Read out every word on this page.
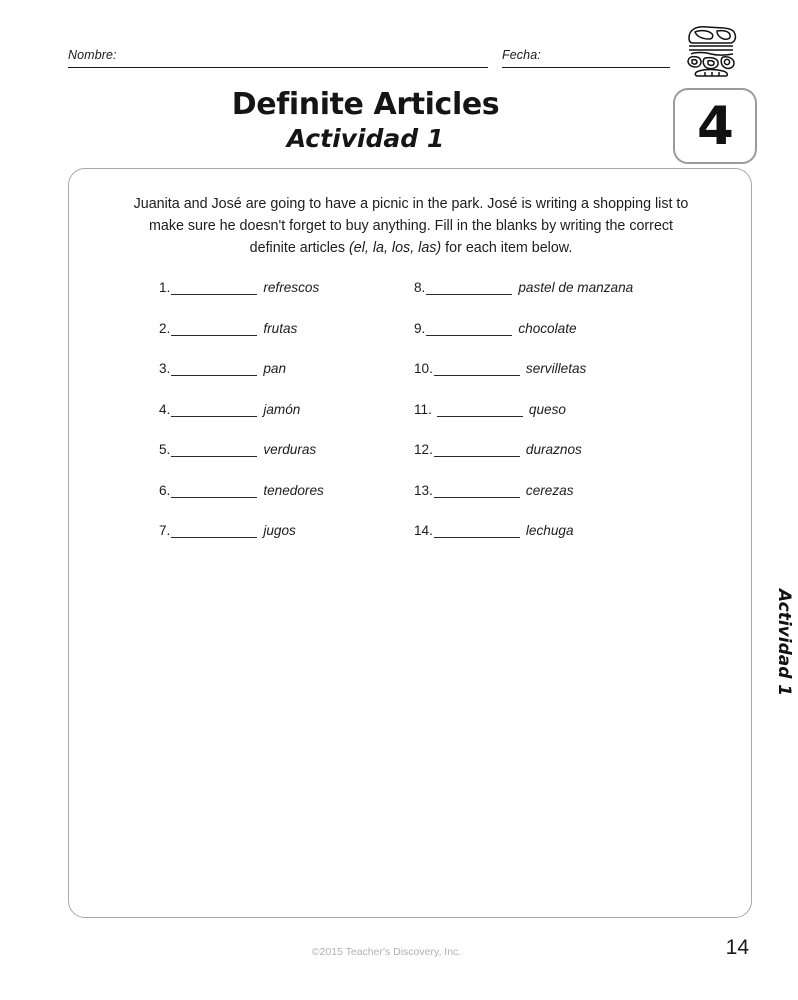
Nombre:	Fecha:
4
Definite Articles
Actividad 1

Juanita and José are going to have a picnic in the park. José is writing a shopping list to make sure he doesn't forget to buy anything. Fill in the blanks by writing the correct definite articles (el, la, los, las) for each item below.

1.	refrescos
2.	frutas
3.	pan
4.	jamón
5.	verduras
6.	tenedores
7.	jugos
8.	pastel de manzana
9.	chocolate
10.	servilletas
11.	queso
12.	duraznos
13.	cerezas
14.	lechuga
Actividad 1
©2015 Teacher's Discovery, Inc.	14
